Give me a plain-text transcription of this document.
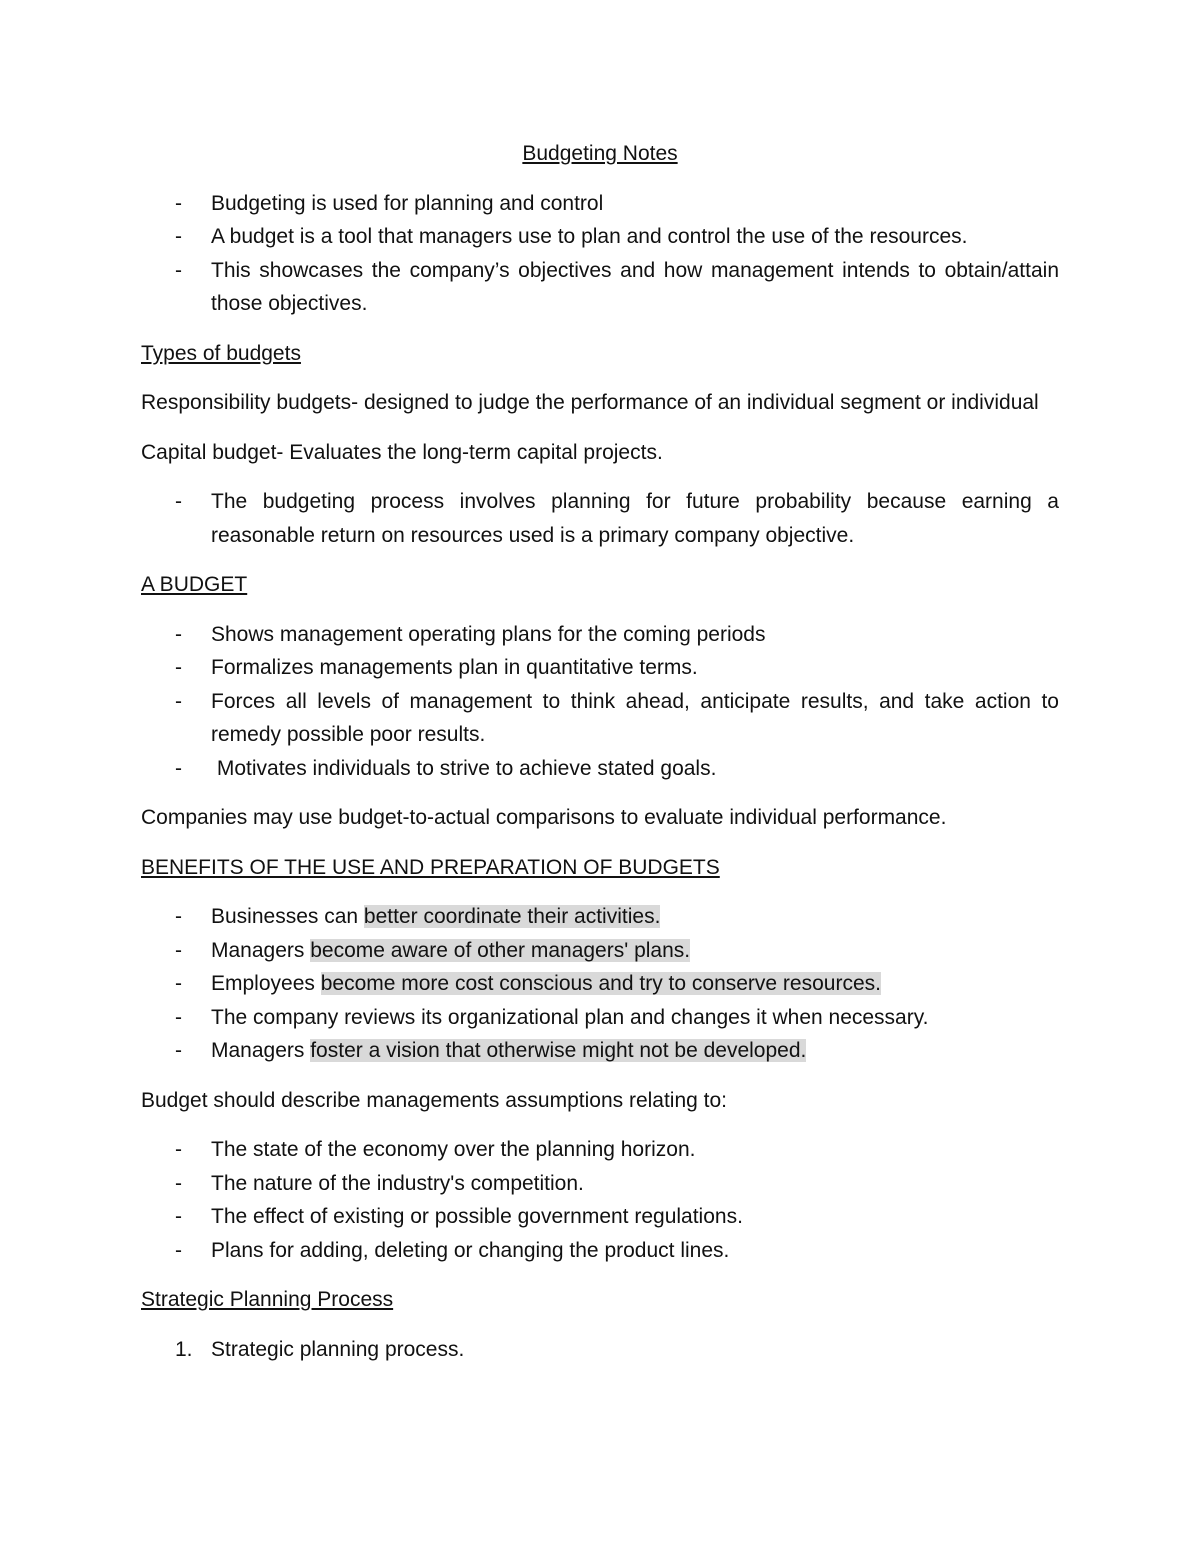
Budgeting Notes
- Budgeting is used for planning and control
- A budget is a tool that managers use to plan and control the use of the resources.
- This showcases the company’s objectives and how management intends to obtain/attain those objectives.
Types of budgets

Responsibility budgets- designed to judge the performance of an individual segment or individual

Capital budget- Evaluates the long-term capital projects.

- The budgeting process involves planning for future probability because earning a reasonable return on resources used is a primary company objective.
A BUDGET
- Shows management operating plans for the coming periods
- Formalizes managements plan in quantitative terms.
- Forces all levels of management to think ahead, anticipate results, and take action to remedy possible poor results.
- Motivates individuals to strive to achieve stated goals.

Companies may use budget-to-actual comparisons to evaluate individual performance.

BENEFITS OF THE USE AND PREPARATION OF BUDGETS
- Businesses can better coordinate their activities.
- Managers become aware of other managers' plans.
- Employees become more cost conscious and try to conserve resources.
- The company reviews its organizational plan and changes it when necessary.
- Managers foster a vision that otherwise might not be developed.

Budget should describe managements assumptions relating to:

- The state of the economy over the planning horizon.
- The nature of the industry's competition.
- The effect of existing or possible government regulations.
- Plans for adding, deleting or changing the product lines.
Strategic Planning Process
1. Strategic planning process.
